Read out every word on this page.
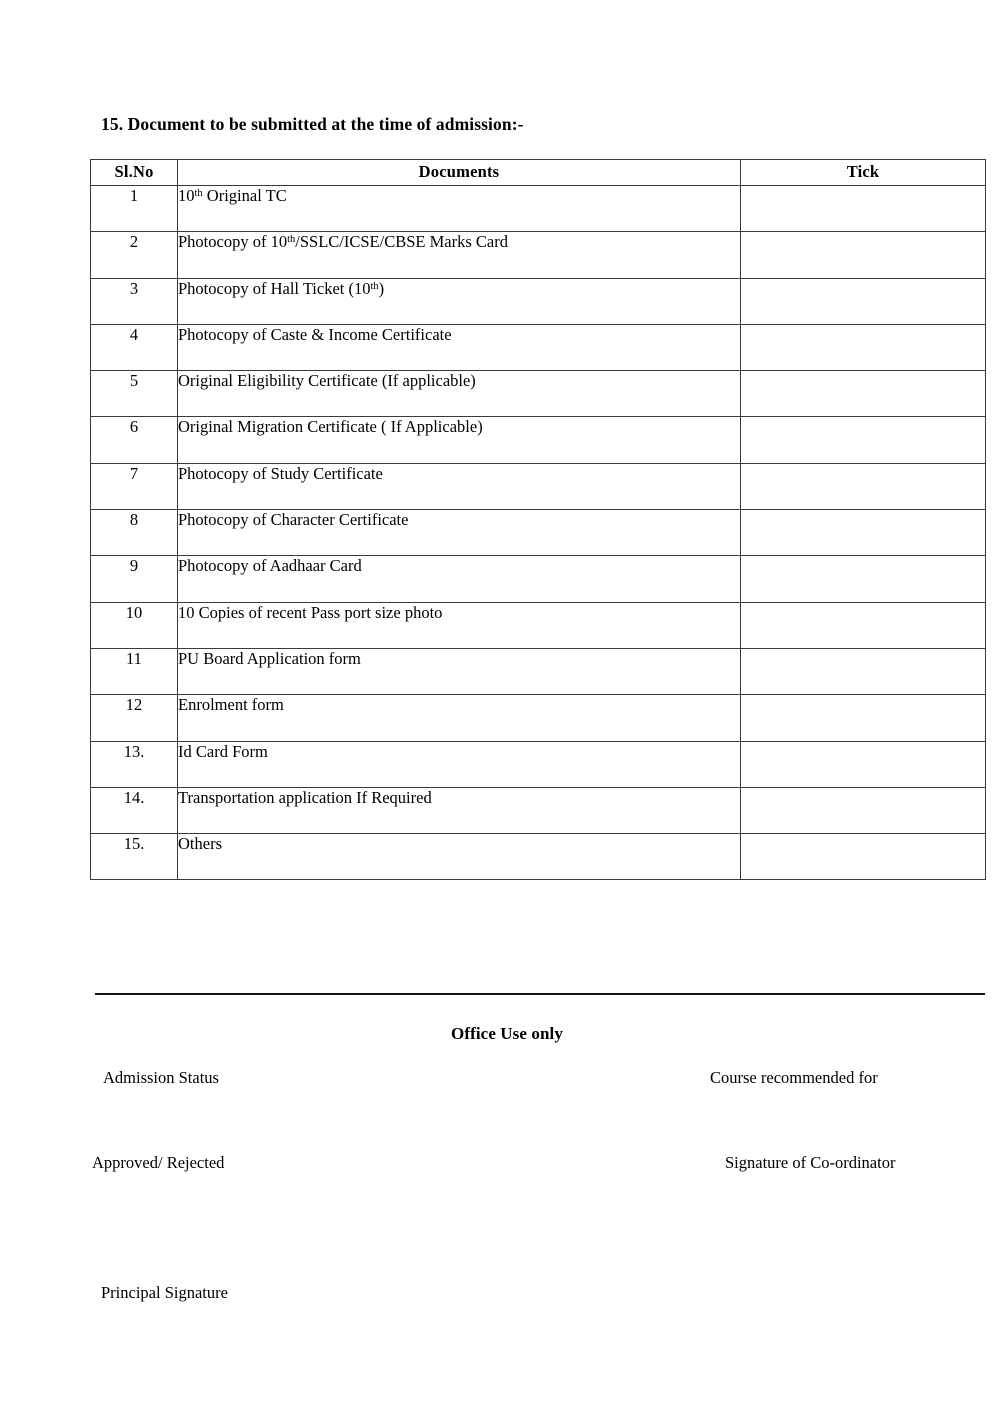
15. Document to be submitted at the time of admission:-
Sl.No	Documents	Tick
1	10th Original TC	
2	Photocopy of 10th/SSLC/ICSE/CBSE Marks Card	
3	Photocopy of Hall Ticket (10th)	
4	Photocopy of Caste & Income Certificate	
5	Original Eligibility Certificate (If applicable)	
6	Original Migration Certificate ( If Applicable)	
7	Photocopy of Study Certificate	
8	Photocopy of Character Certificate	
9	Photocopy of Aadhaar Card	
10	10 Copies of recent Pass port size photo	
11	PU Board Application form	
12	Enrolment form	
13.	Id Card Form	
14.	Transportation application If Required	
15.	Others	
Office Use only
Admission Status	Course recommended for
Approved/ Rejected	Signature of Co-ordinator
Principal Signature
